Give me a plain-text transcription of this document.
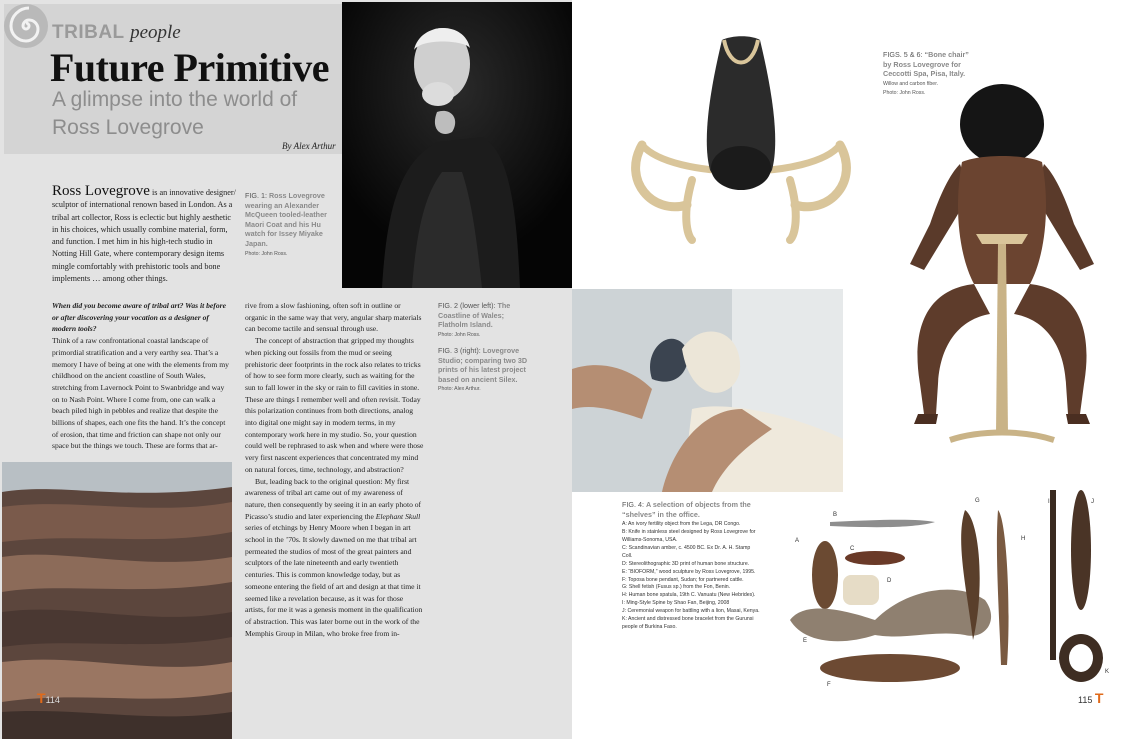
TRIBAL people
Future Primitive
A glimpse into the world of Ross Lovegrove
By Alex Arthur
Ross Lovegrove is an innovative designer/ sculptor of international renown based in London. As a tribal art collector, Ross is eclectic but highly aesthetic in his choices, which usually combine material, form, and function. I met him in his high-tech studio in Notting Hill Gate, where contemporary design items mingle comfortably with prehistoric tools and bone implements … among other things.
FIG. 1: Ross Lovegrove wearing an Alexander McQueen tooled-leather Maori Coat and his Hu watch for Issey Miyake Japan.
Photo: John Ross.
When did you become aware of tribal art? Was it before or after discovering your vocation as a designer of modern tools?
Think of a raw confrontational coastal landscape of primordial stratification and a very earthy sea. That’s a memory I have of being at one with the elements from my childhood on the ancient coastline of South Wales, stretching from Lavernock Point to Swanbridge and way on to Nash Point. Where I come from, one can walk a beach piled high in pebbles and realize that despite the billions of shapes, each one fits the hand. It’s the concept of erosion, that time and friction can shape not only our space but the things we touch. These are forms that ar-

rive from a slow fashioning, often soft in outline or organic in the same way that very, angular sharp materials can become tactile and sensual through use.

The concept of abstraction that gripped my thoughts when picking out fossils from the mud or seeing prehistoric deer footprints in the rock also relates to tricks of how to see form more clearly, such as waiting for the sun to fall lower in the sky or rain to fill cavities in stone. These are things I remember well and often revisit. Today this polarization continues from both directions, analog into digital one might say in modern terms, in my contemporary work here in my studio. So, your question could well be rephrased to ask when and where were those very first nascent experiences that concentrated my mind on natural forces, time, technology, and abstraction?

But, leading back to the original question: My first awareness of tribal art came out of my awareness of nature, then consequently by seeing it in an early photo of Picasso’s studio and later experiencing the Elephant Skull series of etchings by Henry Moore when I began in art school in the ’70s. It slowly dawned on me that tribal art permeated the studios of most of the great painters and sculptors of the late nineteenth and early twentieth centuries. This is common knowledge today, but as someone entering the field of art and design at that time it seemed like a revelation because, as it was for those artists, for me it was a genesis moment in the qualification of abstraction. This was later borne out in the work of the Memphis Group in Milan, who broke free from in-

FIG. 2 (lower left): The Coastline of Wales; Flatholm Island.
Photo: John Ross.
FIG. 3 (right): Lovegrove Studio; comparing two 3D prints of his latest project based on ancient Silex.
Photo: Alex Arthur.
T114
FIGS. 5 & 6: “Bone chair” by Ross Lovegrove for Ceccotti Spa, Pisa, Italy.
Willow and carbon fiber.
Photo: John Ross.
FIG. 4: A selection of objects from the “shelves” in the office.
A: An ivory fertility object from the Lega, DR Congo.
B: Knife in stainless steel designed by Ross Lovegrove for Williams-Sonoma, USA.
C: Scandinavian amber, c. 4500 BC. Ex Dr. A. H. Stamp Coll.
D: Stereolithographic 3D print of human bone structure.
E: “BIOFORM,” wood sculpture by Ross Lovegrove, 1995.
F: Toposa bone pendant, Sudan; for partnered cattle.
G: Shell fetish (Fusus sp.) from the Fon, Benin.
H: Human bone spatula, 19th C. Vanuatu (New Hebrides).
I: Ming-Style Spine by Shao Fan, Beijing, 2008
J: Ceremonial weapon for battling with a lion, Masai, Kenya.
K: Ancient and distressed bone bracelet from the Gurunsi people of Burkina Faso.
A
B
C
D
E
F
G
H
I	J
K
115 T
